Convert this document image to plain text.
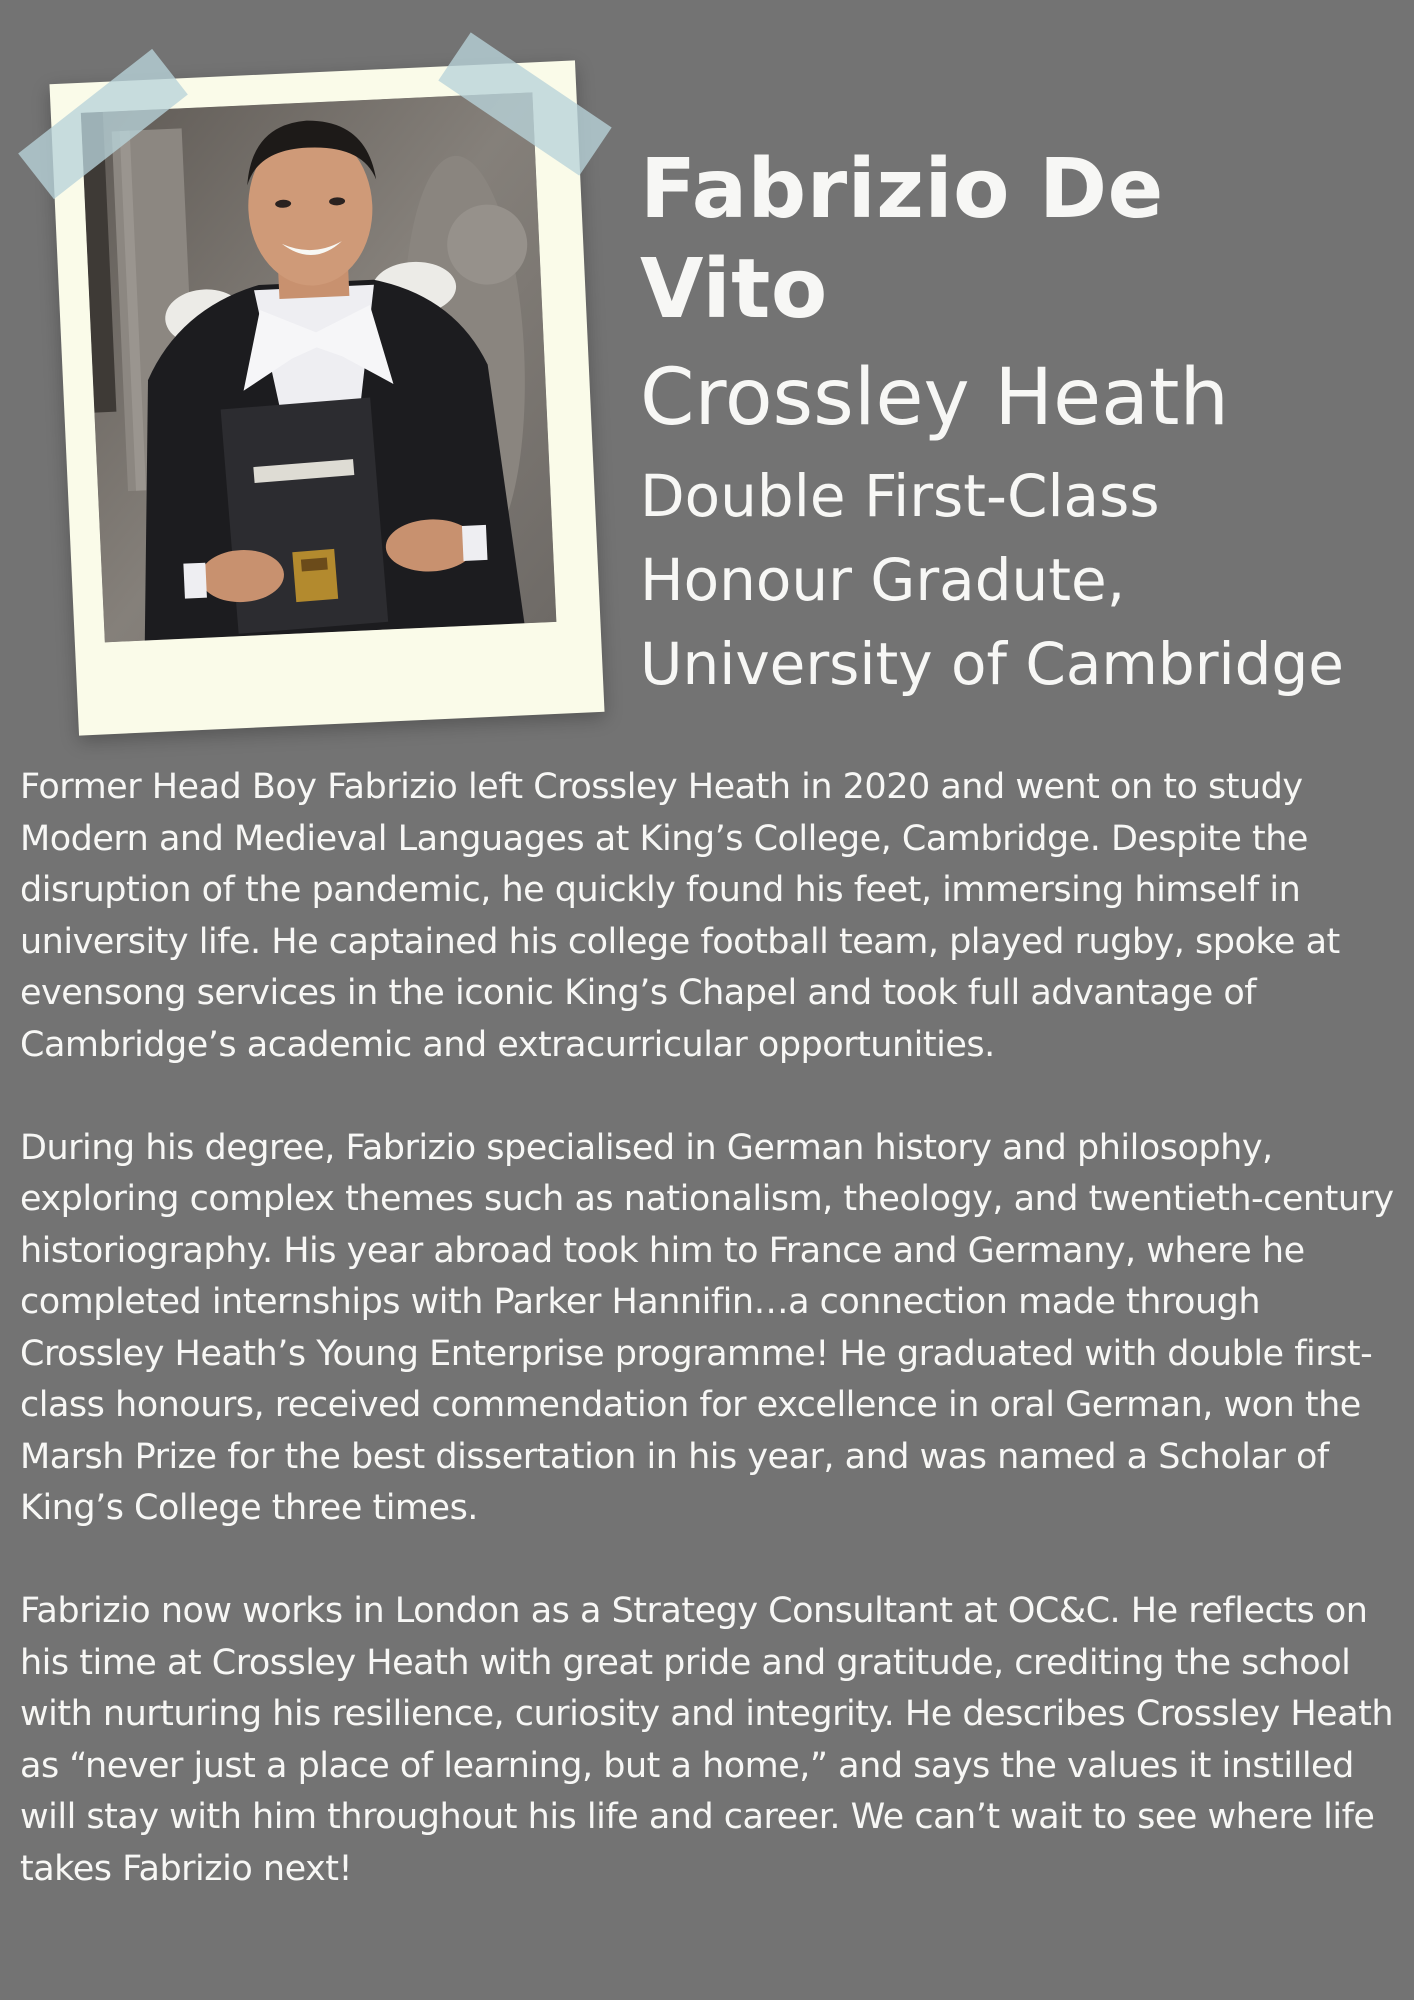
Fabrizio De Vito
Crossley Heath
Double First-Class
Honour Gradute,
University of Cambridge

Former Head Boy Fabrizio left Crossley Heath in 2020 and went on to study Modern and Medieval Languages at King’s College, Cambridge. Despite the disruption of the pandemic, he quickly found his feet, immersing himself in university life. He captained his college football team, played rugby, spoke at evensong services in the iconic King’s Chapel and took full advantage of Cambridge’s academic and extracurricular opportunities.

During his degree, Fabrizio specialised in German history and philosophy, exploring complex themes such as nationalism, theology, and twentieth-century historiography. His year abroad took him to France and Germany, where he completed internships with Parker Hannifin…a connection made through Crossley Heath’s Young Enterprise programme! He graduated with double first-class honours, received commendation for excellence in oral German, won the Marsh Prize for the best dissertation in his year, and was named a Scholar of King’s College three times.

Fabrizio now works in London as a Strategy Consultant at OC&C. He reflects on his time at Crossley Heath with great pride and gratitude, crediting the school with nurturing his resilience, curiosity and integrity. He describes Crossley Heath as “never just a place of learning, but a home,” and says the values it instilled will stay with him throughout his life and career. We can’t wait to see where life takes Fabrizio next!
